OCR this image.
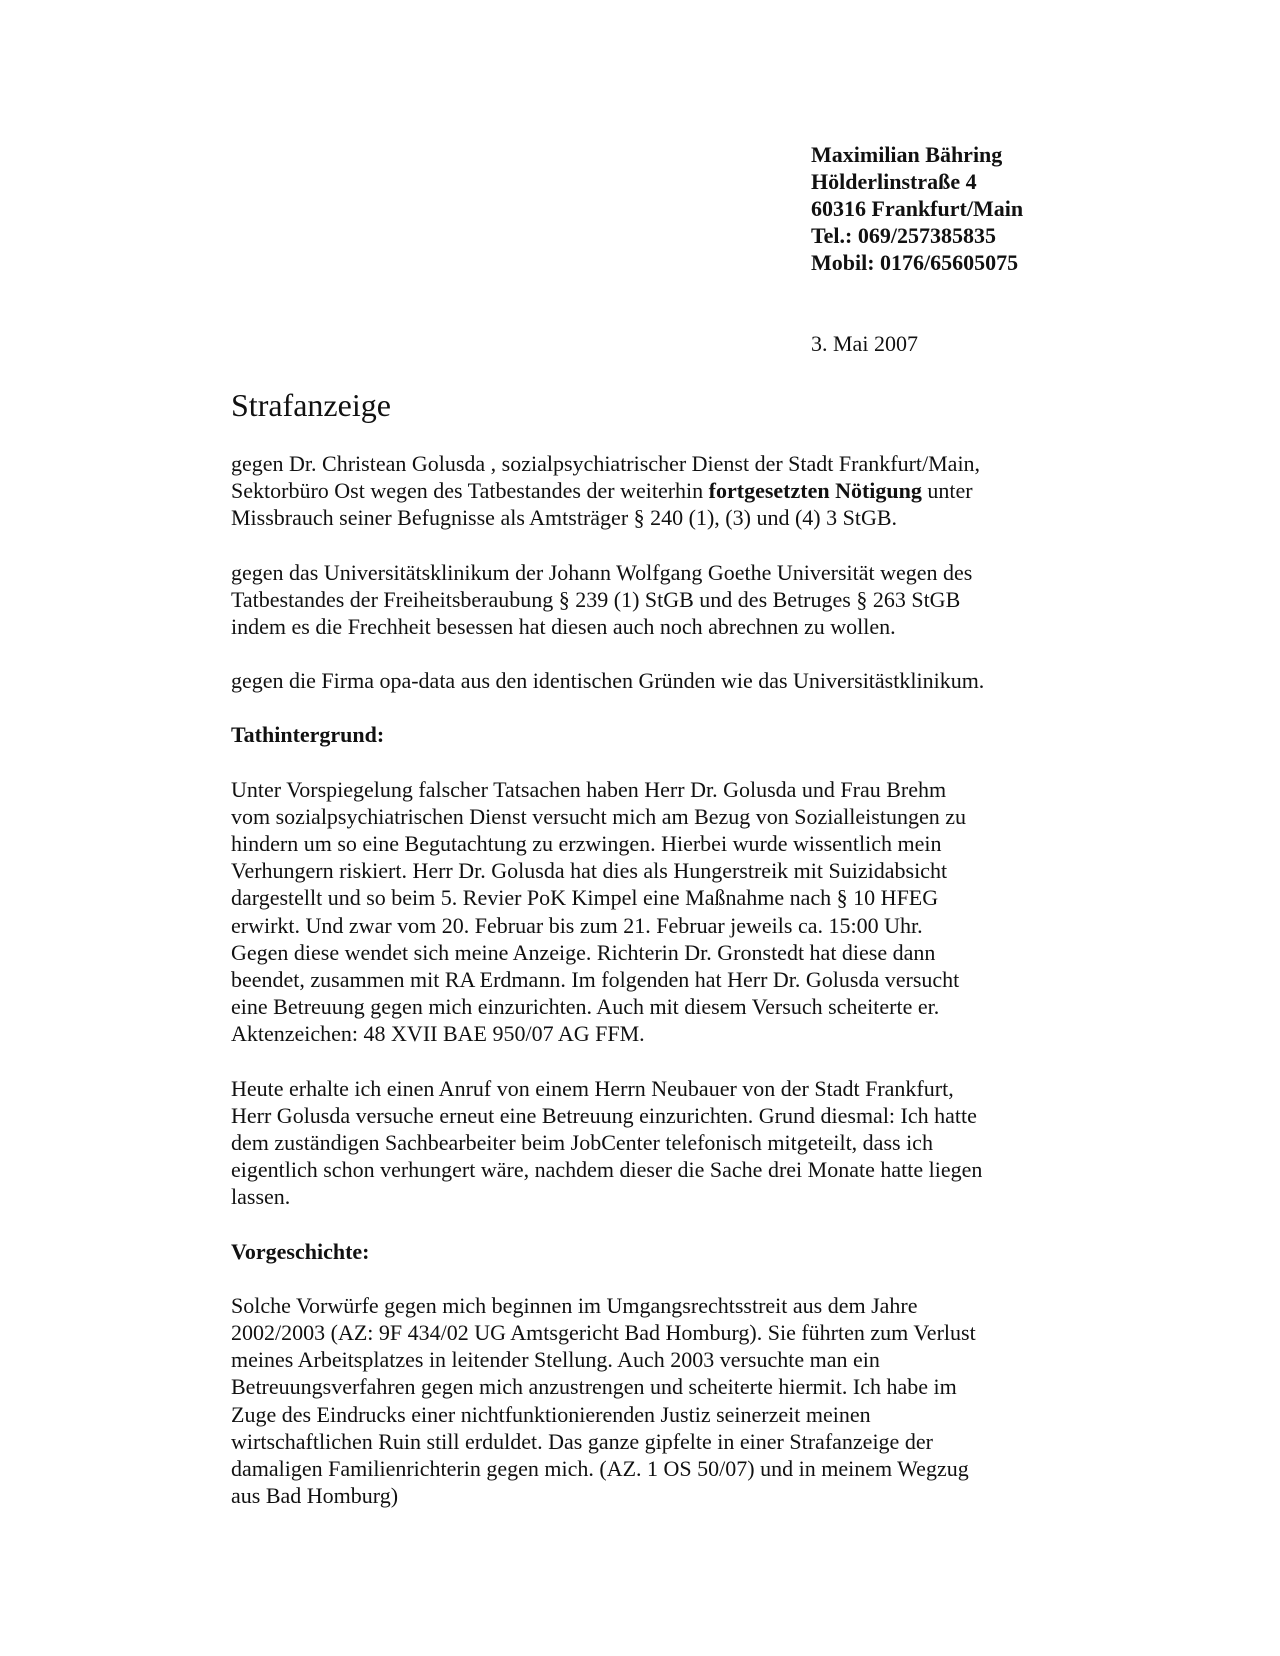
Maximilian Bähring
Hölderlinstraße 4
60316 Frankfurt/Main
Tel.: 069/257385835
Mobil: 0176/65605075
3. Mai 2007
Strafanzeige

gegen Dr. Christean Golusda , sozialpsychiatrischer Dienst der Stadt Frankfurt/Main,
Sektorbüro Ost wegen des Tatbestandes der weiterhin fortgesetzten Nötigung unter
Missbrauch seiner Befugnisse als Amtsträger § 240 (1), (3) und (4) 3 StGB.

gegen das Universitätsklinikum der Johann Wolfgang Goethe Universität wegen des
Tatbestandes der Freiheitsberaubung § 239 (1) StGB und des Betruges § 263 StGB
indem es die Frechheit besessen hat diesen auch noch abrechnen zu wollen.

gegen die Firma opa-data aus den identischen Gründen wie das Universitästklinikum.

Tathintergrund:

Unter Vorspiegelung falscher Tatsachen haben Herr Dr. Golusda und Frau Brehm
vom sozialpsychiatrischen Dienst versucht mich am Bezug von Sozialleistungen zu
hindern um so eine Begutachtung zu erzwingen. Hierbei wurde wissentlich mein
Verhungern riskiert. Herr Dr. Golusda hat dies als Hungerstreik mit Suizidabsicht
dargestellt und so beim 5. Revier PoK Kimpel eine Maßnahme nach § 10 HFEG
erwirkt. Und zwar vom 20. Februar bis zum 21. Februar jeweils ca. 15:00 Uhr.
Gegen diese wendet sich meine Anzeige. Richterin Dr. Gronstedt hat diese dann
beendet, zusammen mit RA Erdmann. Im folgenden hat Herr Dr. Golusda versucht
eine Betreuung gegen mich einzurichten. Auch mit diesem Versuch scheiterte er.
Aktenzeichen: 48 XVII BAE 950/07 AG FFM.

Heute erhalte ich einen Anruf von einem Herrn Neubauer von der Stadt Frankfurt,
Herr Golusda versuche erneut eine Betreuung einzurichten. Grund diesmal: Ich hatte
dem zuständigen Sachbearbeiter beim JobCenter telefonisch mitgeteilt, dass ich
eigentlich schon verhungert wäre, nachdem dieser die Sache drei Monate hatte liegen
lassen.

Vorgeschichte:

Solche Vorwürfe gegen mich beginnen im Umgangsrechtsstreit aus dem Jahre
2002/2003 (AZ: 9F 434/02 UG Amtsgericht Bad Homburg). Sie führten zum Verlust
meines Arbeitsplatzes in leitender Stellung. Auch 2003 versuchte man ein
Betreuungsverfahren gegen mich anzustrengen und scheiterte hiermit. Ich habe im
Zuge des Eindrucks einer nichtfunktionierenden Justiz seinerzeit meinen
wirtschaftlichen Ruin still erduldet. Das ganze gipfelte in einer Strafanzeige der
damaligen Familienrichterin gegen mich. (AZ. 1 OS 50/07) und in meinem Wegzug
aus Bad Homburg)
